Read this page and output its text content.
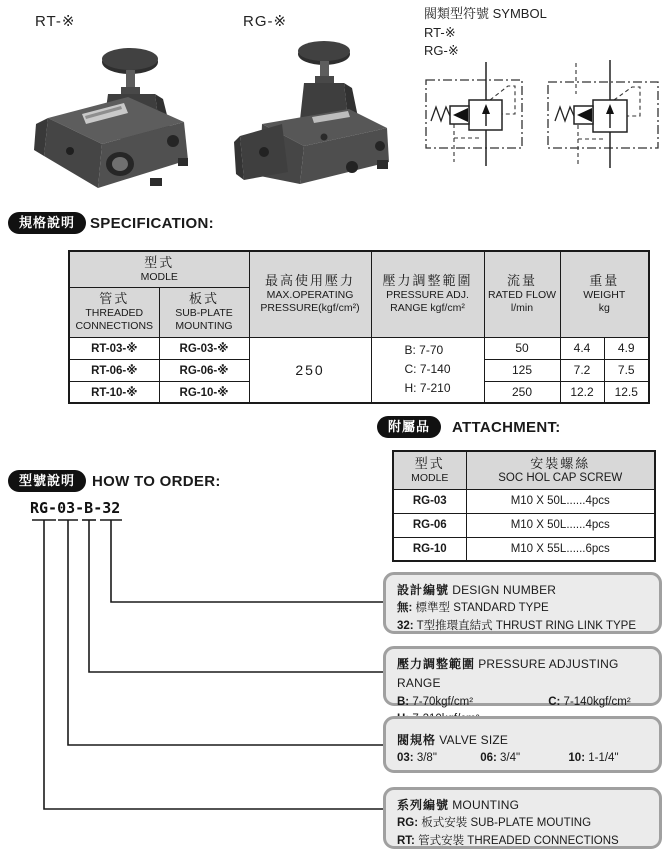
RT-※	RG-※	閥類型符號 SYMBOL
RT-※
RG-※
規格說明 SPECIFICATION:
型式
MODLE	最高使用壓力
MAX.OPERATING
PRESSURE(kgf/cm²)

壓力調整範圍
PRESSURE ADJ.
RANGE kgf/cm²

流量
RATED FLOW
l/min

重量
WEIGHT
kg

管式
THREADED
CONNECTIONS

板式
SUB-PLATE
MOUNTING

RT-03-※	RG-03-※	250	B: 7-70
C: 7-140
H: 7-210	50	4.4	4.9
RT-06-※	RG-06-※			125	7.2	7.5
RT-10-※	RG-10-※			250	12.2	12.5
附屬品	ATTACHMENT:
型式
MODLE

安裝螺絲
SOC HOL CAP SCREW

RG-03	M10 X 50L......4pcs
RG-06	M10 X 50L......4pcs
RG-10	M10 X 55L......6pcs
型號說明	HOW TO ORDER:
RG-03-B-32
設計編號 DESIGN NUMBER
無: 標準型 STANDARD TYPE
32: T型推環直結式 THRUST RING LINK TYPE
壓力調整範圍 PRESSURE ADJUSTING RANGE
B: 7-70kgf/cm²	C: 7-140kgf/cm²
閥規格 VALVE SIZE
03: 3/8"	06: 3/4"	10: 1-1/4"
系列編號 MOUNTING
RG: 板式安裝 SUB-PLATE MOUTING
RT: 管式安裝 THREADED CONNECTIONS
